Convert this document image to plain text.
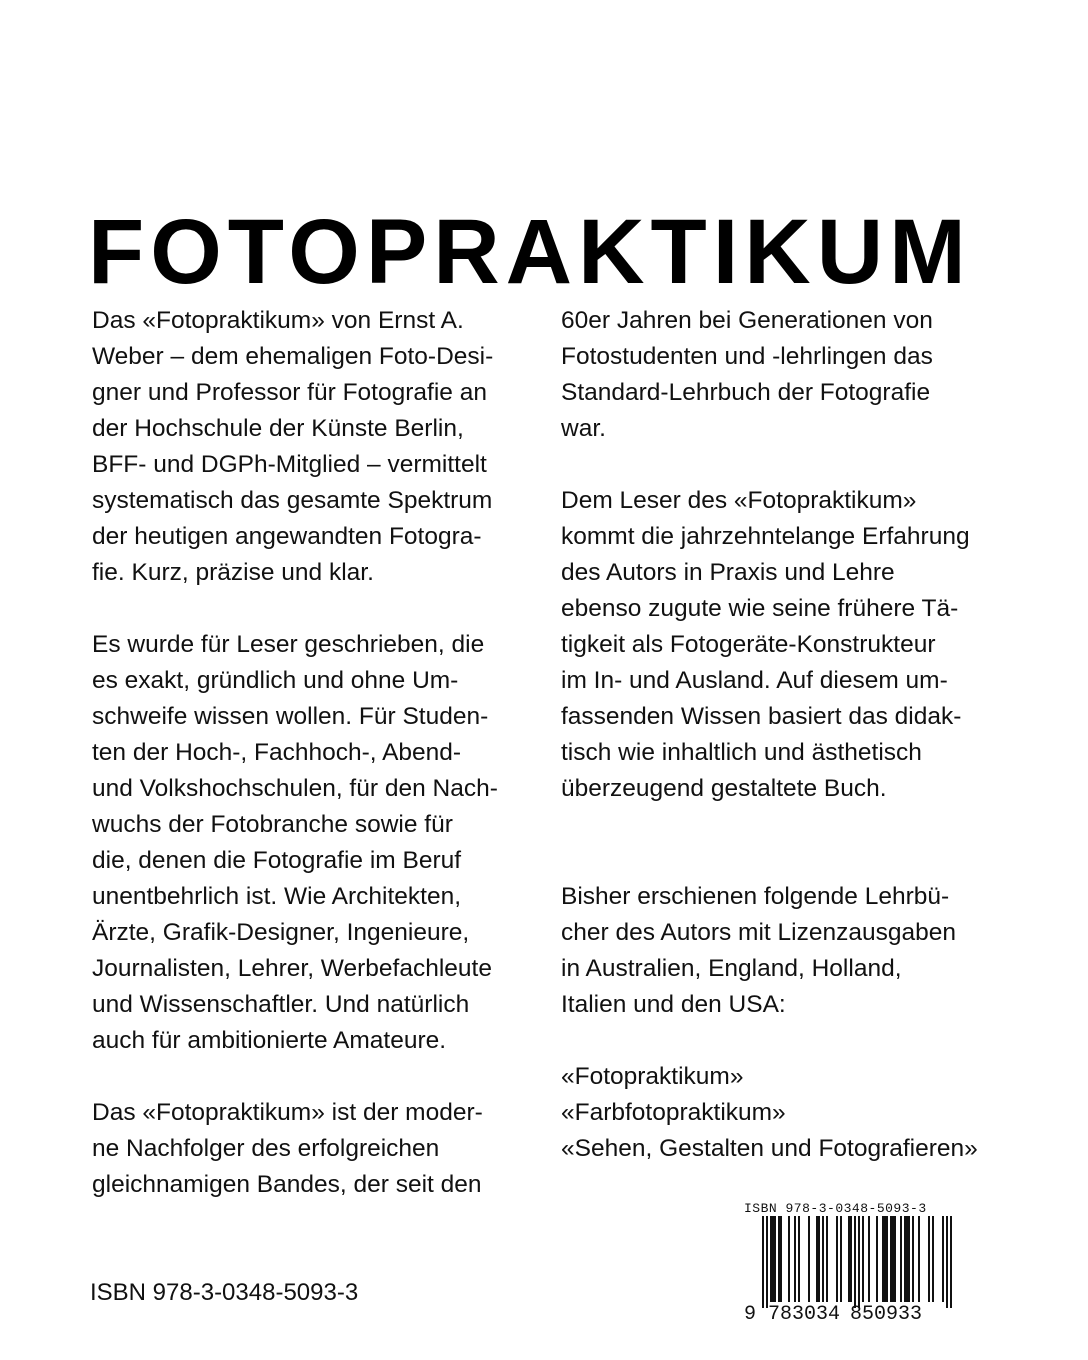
FOTOPRAKTIKUM
Das «Fotopraktikum» von Ernst A.
Weber – dem ehemaligen Foto-Desi-
gner und Professor für Fotografie an
der Hochschule der Künste Berlin,
BFF- und DGPh-Mitglied – vermittelt
systematisch das gesamte Spektrum
der heutigen angewandten Fotogra-
fie. Kurz, präzise und klar.
Es wurde für Leser geschrieben, die
es exakt, gründlich und ohne Um-
schweife wissen wollen. Für Studen-
ten der Hoch-, Fachhoch-, Abend-
und Volkshochschulen, für den Nach-
wuchs der Fotobranche sowie für
die, denen die Fotografie im Beruf
unentbehrlich ist. Wie Architekten,
Ärzte, Grafik-Designer, Ingenieure,
Journalisten, Lehrer, Werbefachleute
und Wissenschaftler. Und natürlich
auch für ambitionierte Amateure.
Das «Fotopraktikum» ist der moder-
ne Nachfolger des erfolgreichen
gleichnamigen Bandes, der seit den
60er Jahren bei Generationen von
Fotostudenten und -lehrlingen das
Standard-Lehrbuch der Fotografie
war.
Dem Leser des «Fotopraktikum»
kommt die jahrzehntelange Erfahrung
des Autors in Praxis und Lehre
ebenso zugute wie seine frühere Tä-
tigkeit als Fotogeräte-Konstrukteur
im In- und Ausland. Auf diesem um-
fassenden Wissen basiert das didak-
tisch wie inhaltlich und ästhetisch
überzeugend gestaltete Buch.
Bisher erschienen folgende Lehrbü-
cher des Autors mit Lizenzausgaben
in Australien, England, Holland,
Italien und den USA:
«Fotopraktikum»
«Farbfotopraktikum»
«Sehen, Gestalten und Fotografieren»
ISBN 978-3-0348-5093-3
ISBN 978-3-0348-5093-3
9 783034 850933
